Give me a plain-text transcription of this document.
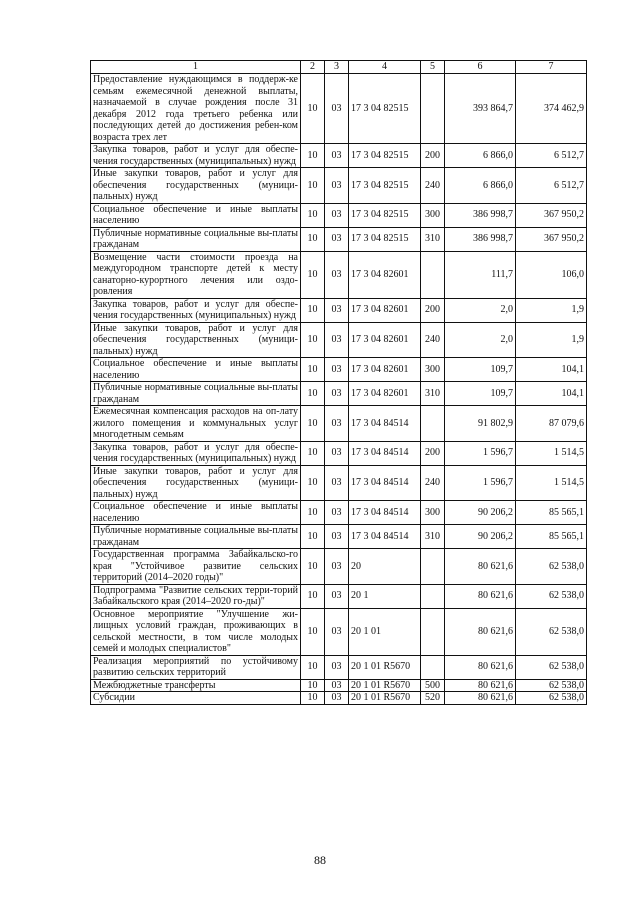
1	2	3	4	5	6	7
Предоставление нуждающимся в поддерж-ке семьям ежемесячной денежной выплаты, назначаемой в случае рождения после 31 декабря 2012 года третьего ребенка или последующих детей до достижения ребен-ком возраста трех лет	10	03	17 3 04 82515		393 864,7	374 462,9
Закупка товаров, работ и услуг для обеспе-чения государственных (муниципальных) нужд	10	03	17 3 04 82515	200	6 866,0	6 512,7
Иные закупки товаров, работ и услуг для обеспечения государственных (муници-пальных) нужд	10	03	17 3 04 82515	240	6 866,0	6 512,7
Социальное обеспечение и иные выплаты населению	10	03	17 3 04 82515	300	386 998,7	367 950,2
Публичные нормативные социальные вы-платы гражданам	10	03	17 3 04 82515	310	386 998,7	367 950,2
Возмещение части стоимости проезда на междугородном транспорте детей к месту санаторно-курортного лечения или оздо-ровления	10	03	17 3 04 82601		111,7	106,0
Закупка товаров, работ и услуг для обеспе-чения государственных (муниципальных) нужд	10	03	17 3 04 82601	200	2,0	1,9
Иные закупки товаров, работ и услуг для обеспечения государственных (муници-пальных) нужд	10	03	17 3 04 82601	240	2,0	1,9
Социальное обеспечение и иные выплаты населению	10	03	17 3 04 82601	300	109,7	104,1
Публичные нормативные социальные вы-платы гражданам	10	03	17 3 04 82601	310	109,7	104,1
Ежемесячная компенсация расходов на оп-лату жилого помещения и коммунальных услуг многодетным семьям	10	03	17 3 04 84514		91 802,9	87 079,6
Закупка товаров, работ и услуг для обеспе-чения государственных (муниципальных) нужд	10	03	17 3 04 84514	200	1 596,7	1 514,5
Иные закупки товаров, работ и услуг для обеспечения государственных (муници-пальных) нужд	10	03	17 3 04 84514	240	1 596,7	1 514,5
Социальное обеспечение и иные выплаты населению	10	03	17 3 04 84514	300	90 206,2	85 565,1
Публичные нормативные социальные вы-платы гражданам	10	03	17 3 04 84514	310	90 206,2	85 565,1
Государственная программа Забайкальско-го края "Устойчивое развитие сельских территорий (2014–2020 годы)"	10	03	20		80 621,6	62 538,0
Подпрограмма "Развитие сельских терри-торий Забайкальского края (2014–2020 го-ды)"	10	03	20 1		80 621,6	62 538,0
Основное мероприятие "Улучшение жи-лищных условий граждан, проживающих в сельской местности, в том числе молодых семей и молодых специалистов"	10	03	20 1 01		80 621,6	62 538,0
Реализация мероприятий по устойчивому развитию сельских территорий	10	03	20 1 01 R5670		80 621,6	62 538,0
Межбюджетные трансферты	10	03	20 1 01 R5670	500	80 621,6	62 538,0
Субсидии	10	03	20 1 01 R5670	520	80 621,6	62 538,0
88
